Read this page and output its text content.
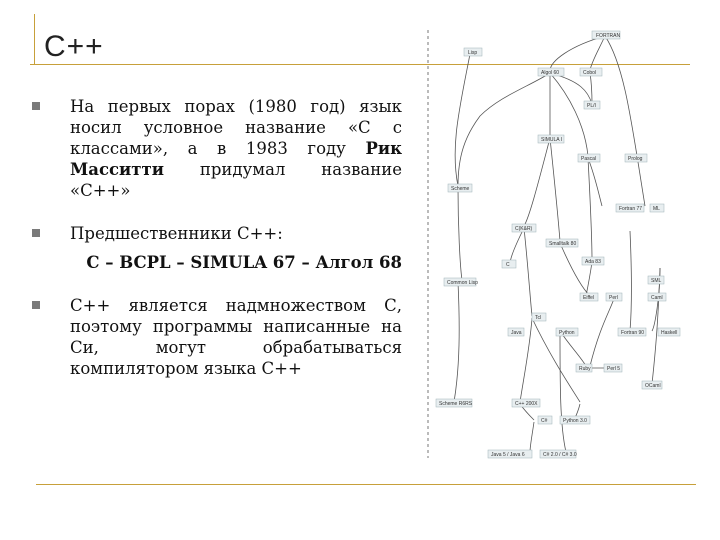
C++
На первых порах (1980 год) язык носил условное название «С с классами», а в 1983 году Рик Масситти придумал название «С++»
Предшественники С++:
С – BCPL – SIMULA 67 – Алгол 68
С++ является надмножеством С, поэтому программы написанные на Си, могут обрабатываться компилятором языка С++
FORTRAN
Lisp
Algol 60	Cobol
PL/I
SIMULA I
Pascal	Prolog
Scheme
Fortran 77 ML
C(K&R)
Smalltalk 80
C	Ada 83
SML
Common Lisp
Eiffel	Perl	Caml
Tcl
Java	Python	Fortran 90	Haskell
Ruby	Perl 5
OCaml
Scheme R6RS	C++ 200X
C#	Python 3.0
Java 5 / Java 6	C# 2.0 / C# 3.0
